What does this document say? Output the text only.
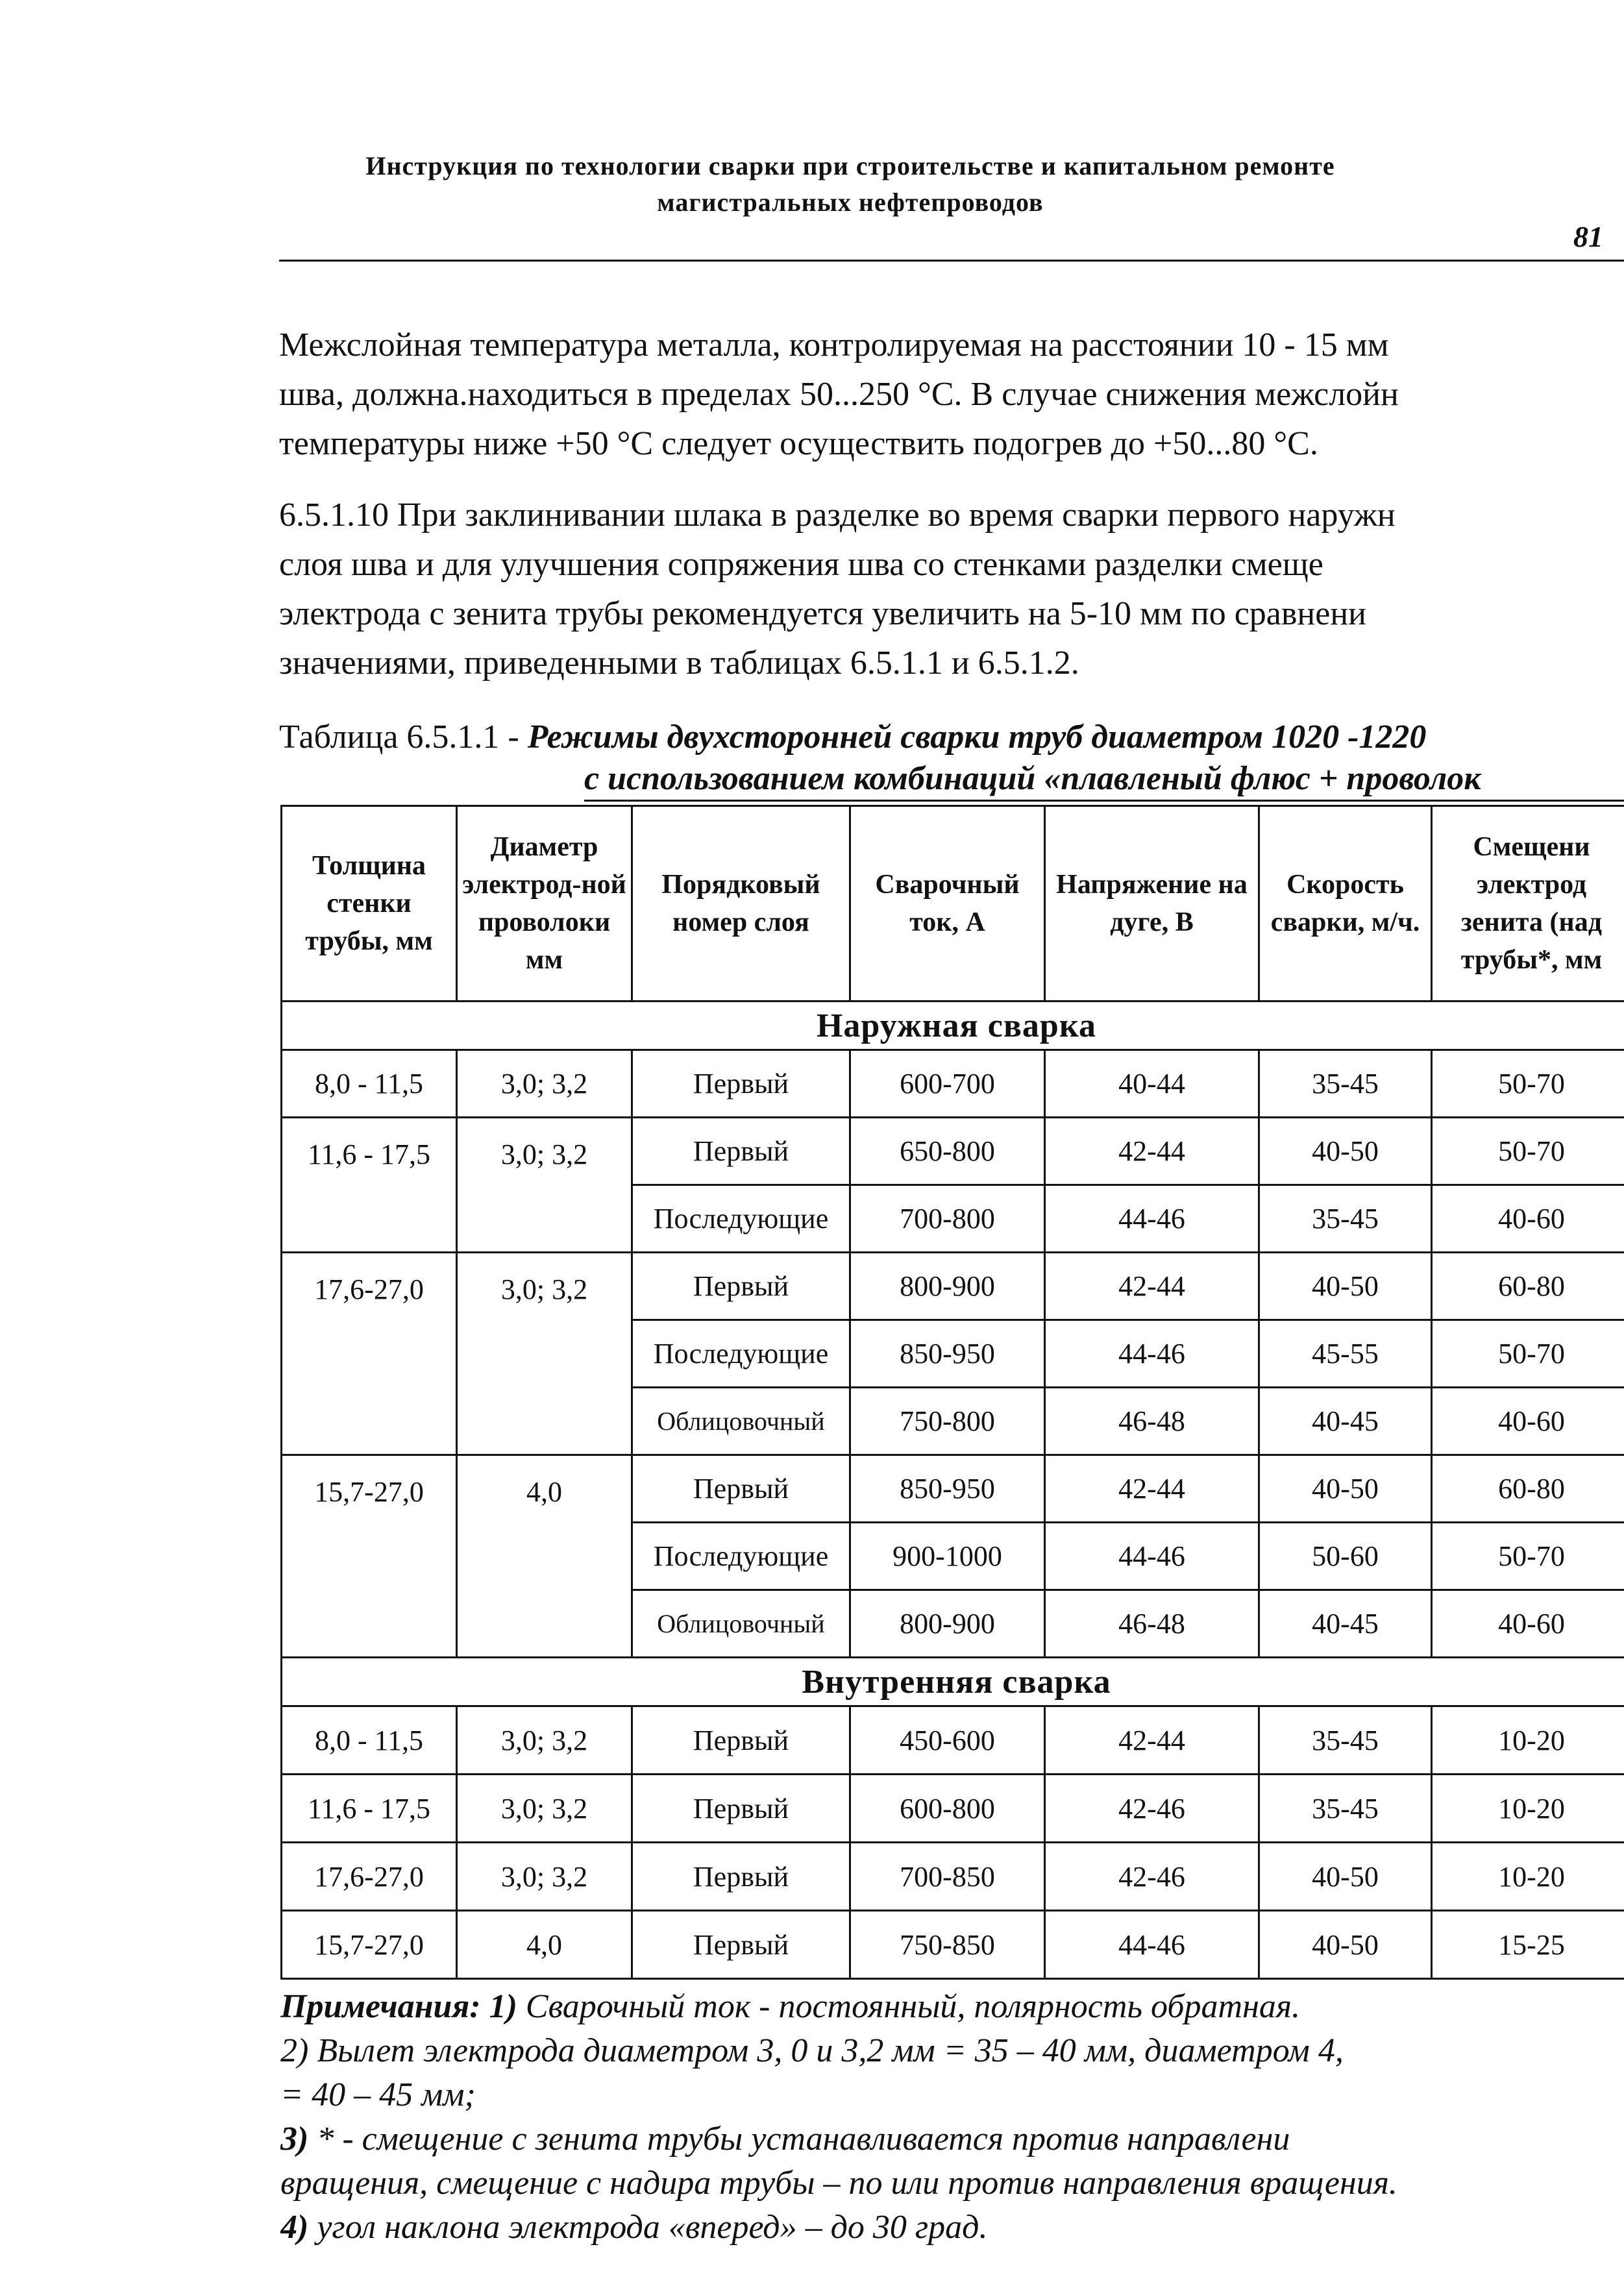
Инструкция по технологии сварки при строительстве и капитальном ремонте
магистральных нефтепроводов
81
Межслойная температура металла, контролируемая на расстоянии 10 - 15 мм
шва, должна.находиться в пределах 50...250 °С. В случае снижения межслойн
температуры ниже +50 °С следует осуществить подогрев до +50...80 °С.
6.5.1.10 При заклинивании шлака в разделке во время сварки первого наружн
слоя шва и для улучшения сопряжения шва со стенками разделки смеще
электрода с зенита трубы рекомендуется увеличить на 5-10 мм по сравнени
значениями, приведенными в таблицах 6.5.1.1 и 6.5.1.2.
Таблица 6.5.1.1 - Режимы двухсторонней сварки труб диаметром 1020 -1220
с использованием комбинаций «плавленый флюс + проволок
Толщина стенки трубы, мм	Диаметр электрод-ной проволоки мм	Порядковый номер слоя	Сварочный ток, А	Напряжение на дуге, В	Скорость сварки, м/ч.	Смещени электрод зенита (над трубы*, мм
Наружная сварка						
8,0 - 11,5	3,0; 3,2	Первый	600-700	40-44	35-45	50-70
11,6 - 17,5	3,0; 3,2	Первый	650-800	42-44	40-50	50-70
		Последующие	700-800	44-46	35-45	40-60
17,6-27,0	3,0; 3,2	Первый	800-900	42-44	40-50	60-80
		Последующие	850-950	44-46	45-55	50-70
		Облицовочный	750-800	46-48	40-45	40-60
15,7-27,0	4,0	Первый	850-950	42-44	40-50	60-80
		Последующие	900-1000	44-46	50-60	50-70
		Облицовочный	800-900	46-48	40-45	40-60
Внутренняя сварка						
8,0 - 11,5	3,0; 3,2	Первый	450-600	42-44	35-45	10-20
11,6 - 17,5	3,0; 3,2	Первый	600-800	42-46	35-45	10-20
17,6-27,0	3,0; 3,2	Первый	700-850	42-46	40-50	10-20
15,7-27,0	4,0	Первый	750-850	44-46	40-50	15-25
Примечания: 1) Сварочный ток - постоянный, полярность обратная.
2) Вылет электрода диаметром 3, 0 и 3,2 мм = 35 – 40 мм, диаметром 4,
= 40 – 45 мм;
3) * - смещение с зенита трубы устанавливается против направлени
вращения, смещение с надира трубы – по или против направления вращения.
4) угол наклона электрода «вперед» – до 30 град.
